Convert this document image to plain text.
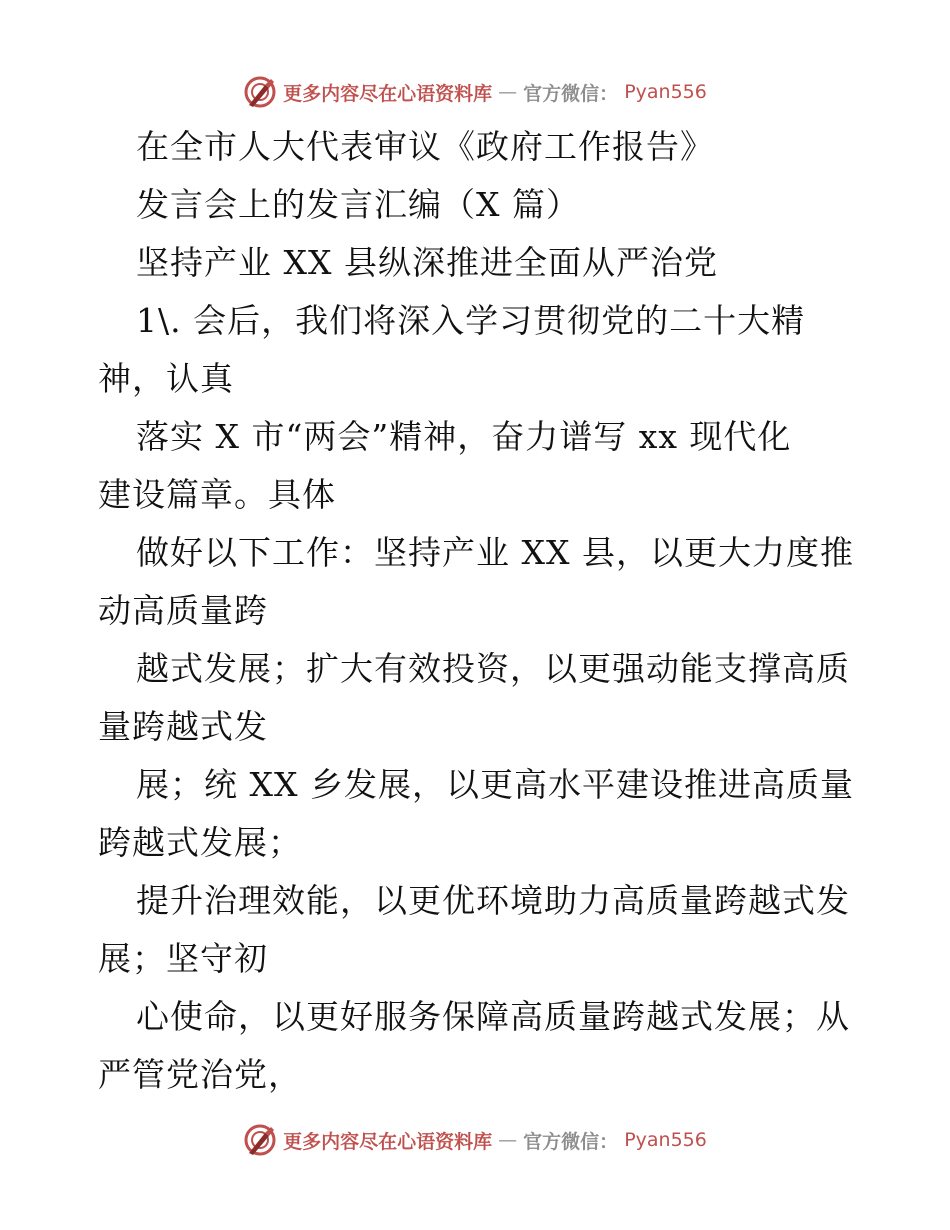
更多内容尽在心语资料库 — 官方微信： Pyan556
在全市人大代表审议《政府工作报告》
发言会上的发言汇编（X 篇）
坚持产业 XX 县纵深推进全面从严治党
1\. 会后，我们将深入学习贯彻党的二十大精
神，认真
落实 X 市“两会”精神，奋力谱写 xx 现代化
建设篇章。具体
做好以下工作：坚持产业 XX 县，以更大力度推
动高质量跨
越式发展；扩大有效投资，以更强动能支撑高质
量跨越式发
展；统 XX 乡发展，以更高水平建设推进高质量
跨越式发展；
提升治理效能，以更优环境助力高质量跨越式发
展；坚守初
心使命，以更好服务保障高质量跨越式发展；从
严管党治党，
更多内容尽在心语资料库 — 官方微信： Pyan556
